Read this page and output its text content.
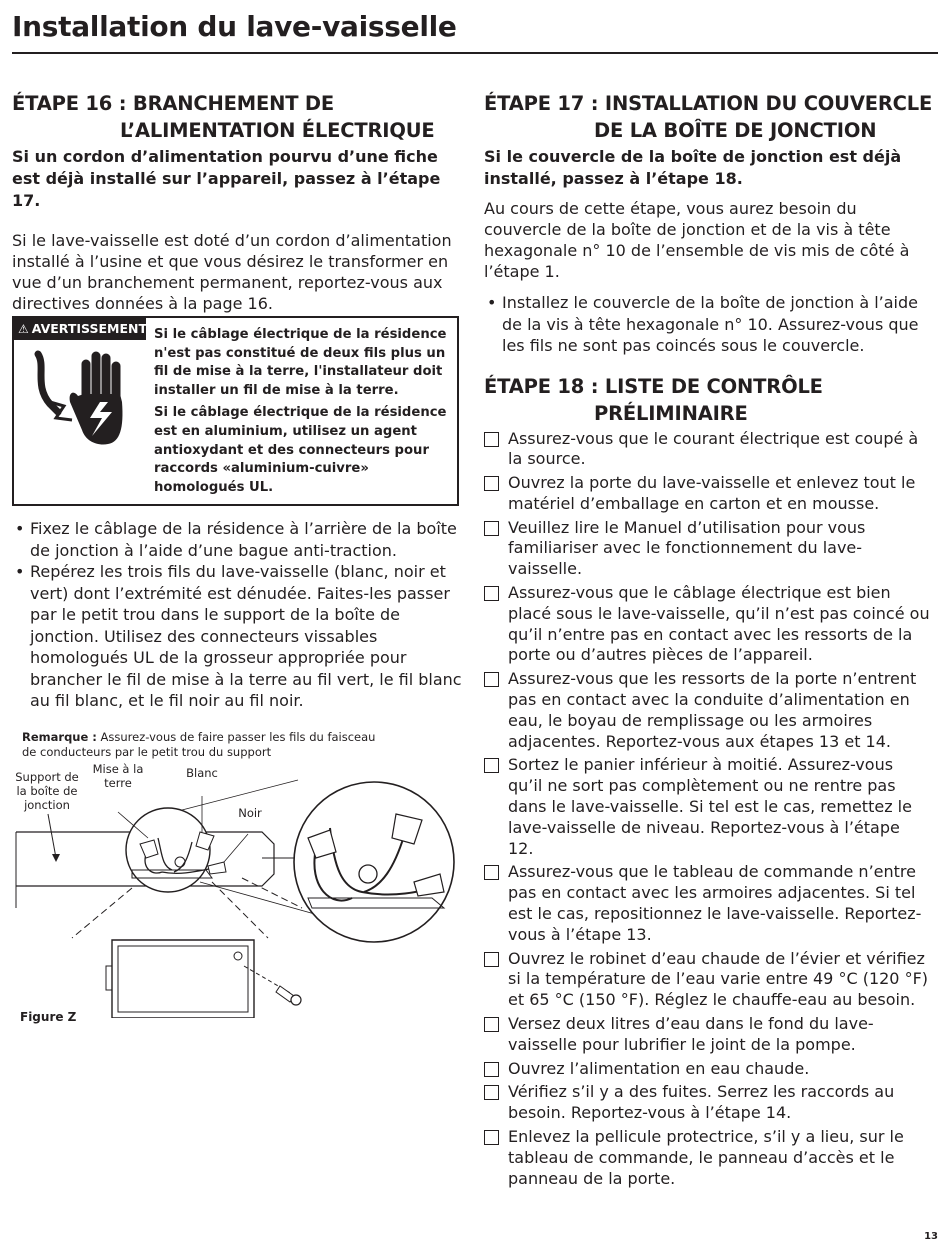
Installation du lave-vaisselle
ÉTAPE 16 : BRANCHEMENT DE
L’ALIMENTATION ÉLECTRIQUE

Si un cordon d’alimentation pourvu d’une fiche est déjà installé sur l’appareil, passez à l’étape 17.

Si le lave-vaisselle est doté d’un cordon d’alimentation installé à l’usine et que vous désirez le transformer en vue d’un branchement permanent, reportez-vous aux directives données à la page 16.

⚠ AVERTISSEMENT Si le câblage électrique de la résidence n'est pas constitué de deux fils plus un fil de mise à la terre, l'installateur doit installer un fil de mise à la terre.

Si le câblage électrique de la résidence est en aluminium, utilisez un agent antioxydant et des connecteurs pour raccords «aluminium-cuivre» homologués UL.

• Fixez le câblage de la résidence à l’arrière de la boîte de jonction à l’aide d’une bague anti-traction.
• Repérez les trois fils du lave-vaisselle (blanc, noir et vert) dont l’extrémité est dénudée. Faites-les passer par le petit trou dans le support de la boîte de jonction. Utilisez des connecteurs vissables homologués UL de la grosseur appropriée pour brancher le fil de mise à la terre au fil vert, le fil blanc au fil blanc, et le fil noir au fil noir.
Remarque : Assurez-vous de faire passer les fils du faisceau de conducteurs par le petit trou du support
Support de la boîte de jonction
Mise à la terre
Blanc
Noir
Figure Z
ÉTAPE 17 : INSTALLATION DU COUVERCLE
DE LA BOÎTE DE JONCTION

Si le couvercle de la boîte de jonction est déjà installé, passez à l’étape 18.

Au cours de cette étape, vous aurez besoin du couvercle de la boîte de jonction et de la vis à tête hexagonale n° 10 de l’ensemble de vis mis de côté à l’étape 1.

• Installez le couvercle de la boîte de jonction à l’aide de la vis à tête hexagonale n° 10. Assurez-vous que les fils ne sont pas coincés sous le couvercle.
ÉTAPE 18 : LISTE DE CONTRÔLE
PRÉLIMINAIRE
Assurez-vous que le courant électrique est coupé à la source.
Ouvrez la porte du lave-vaisselle et enlevez tout le matériel d’emballage en carton et en mousse.
Veuillez lire le Manuel d’utilisation pour vous familiariser avec le fonctionnement du lave-vaisselle.
Assurez-vous que le câblage électrique est bien placé sous le lave-vaisselle, qu’il n’est pas coincé ou qu’il n’entre pas en contact avec les ressorts de la porte ou d’autres pièces de l’appareil.
Assurez-vous que les ressorts de la porte n’entrent pas en contact avec la conduite d’alimentation en eau, le boyau de remplissage ou les armoires adjacentes. Reportez-vous aux étapes 13 et 14.
Sortez le panier inférieur à moitié. Assurez-vous qu’il ne sort pas complètement ou ne rentre pas dans le lave-vaisselle. Si tel est le cas, remettez le lave-vaisselle de niveau. Reportez-vous à l’étape 12.
Assurez-vous que le tableau de commande n’entre pas en contact avec les armoires adjacentes. Si tel est le cas, repositionnez le lave-vaisselle. Reportez-vous à l’étape 13.
Ouvrez le robinet d’eau chaude de l’évier et vérifiez si la température de l’eau varie entre 49 °C (120 °F) et 65 °C (150 °F). Réglez le chauffe-eau au besoin.
Versez deux litres d’eau dans le fond du lave-vaisselle pour lubrifier le joint de la pompe.
Ouvrez l’alimentation en eau chaude.
Vérifiez s’il y a des fuites. Serrez les raccords au besoin. Reportez-vous à l’étape 14.
Enlevez la pellicule protectrice, s’il y a lieu, sur le tableau de commande, le panneau d’accès et le panneau de la porte.
13
